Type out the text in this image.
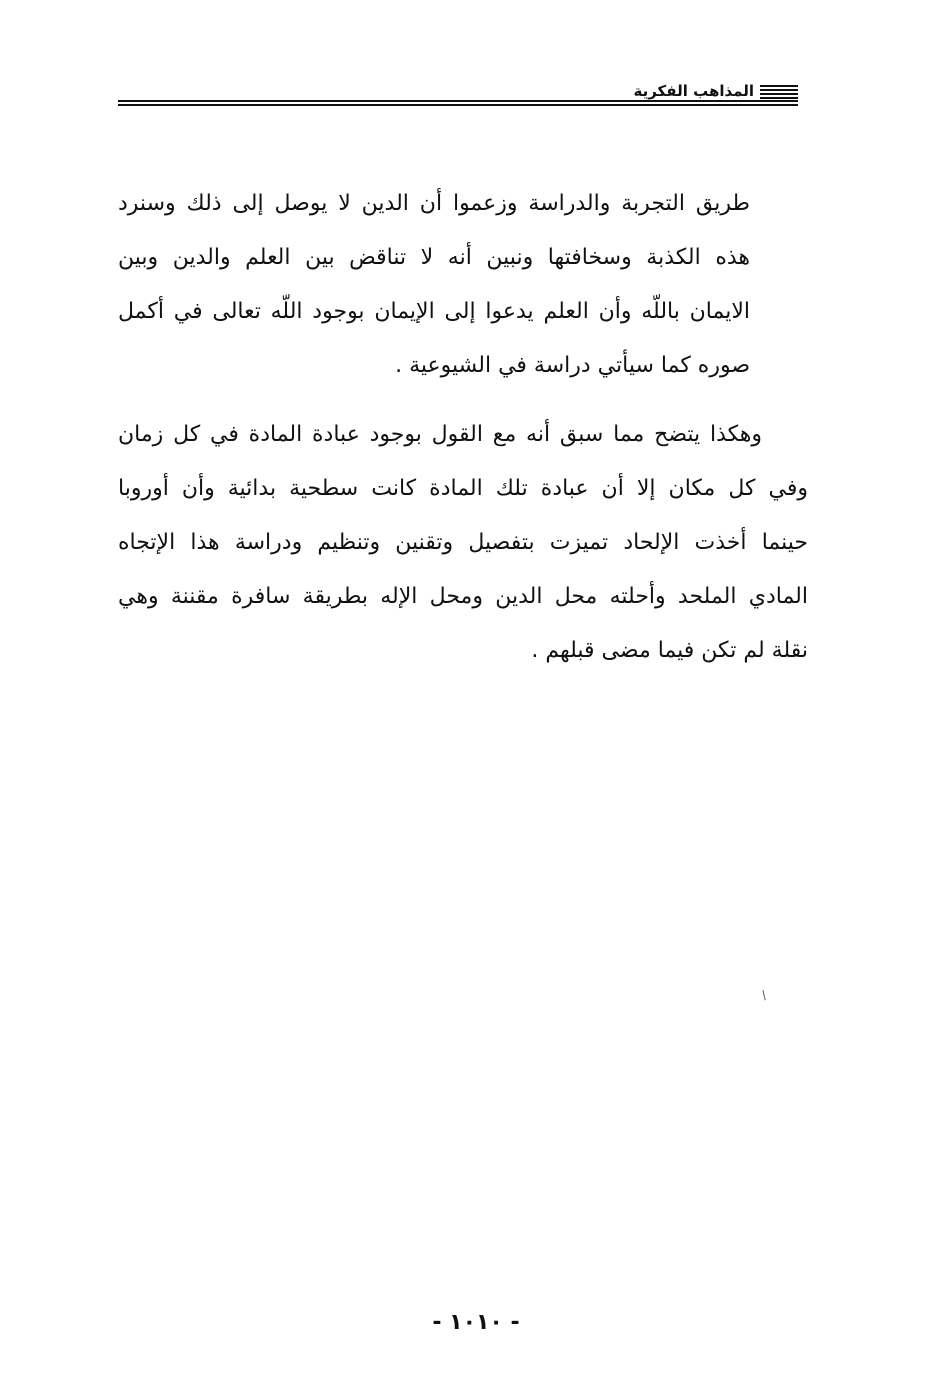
المذاهب الفكرية
طريق التجربة والدراسة وزعموا أن الدين لا يوصل إلى ذلك وسنرد
هذه الكذبة وسخافتها ونبين أنه لا تناقض بين العلم والدين وبين
الايمان باللّه وأن العلم يدعوا إلى الإيمان بوجود اللّه تعالى في أكمل
صوره كما سيأتي دراسة في الشيوعية .
وهكذا يتضح مما سبق أنه مع القول بوجود عبادة المادة في كل زمان
وفي كل مكان إلا أن عبادة تلك المادة كانت سطحية بدائية وأن أوروبا
حينما أخذت الإلحاد تميزت بتفصيل وتقنين وتنظيم ودراسة هذا الإتجاه
المادي الملحد وأحلته محل الدين ومحل الإله بطريقة سافرة مقننة وهي
نقلة لم تكن فيما مضى قبلهم .
/
- ١٠١٠ -
